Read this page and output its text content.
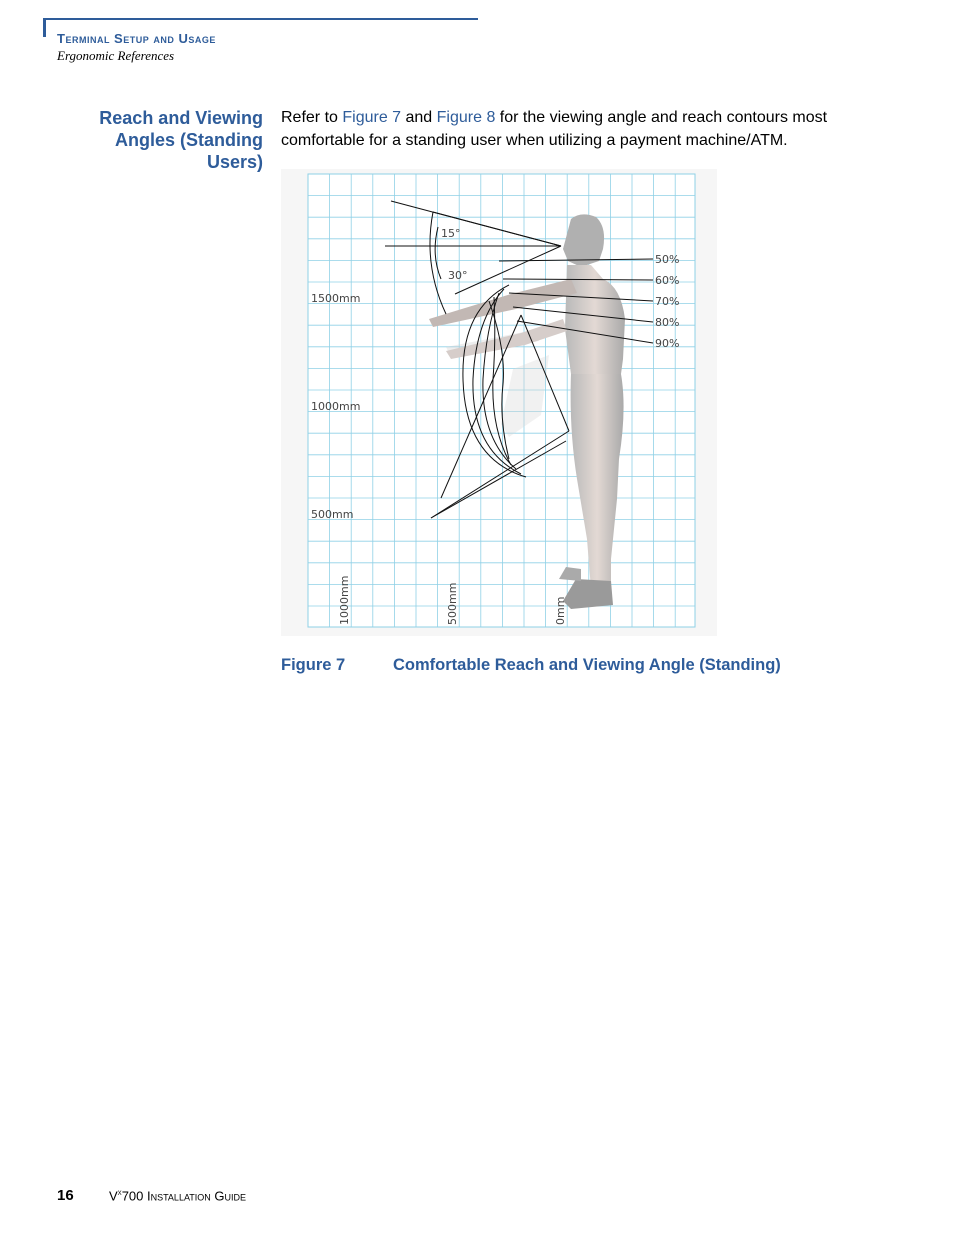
Terminal Setup and Usage
Ergonomic References
Reach and Viewing Angles (Standing Users)
Refer to Figure 7 and Figure 8 for the viewing angle and reach contours most comfortable for a standing user when utilizing a payment machine/ATM.
15°
30°
1500mm
1000mm
500mm
50%
60%
70%
80%
90%
1000mm	500mm	0mm
Figure 7	Comfortable Reach and Viewing Angle (Standing)
16	$V^x700$ Installation Guide
